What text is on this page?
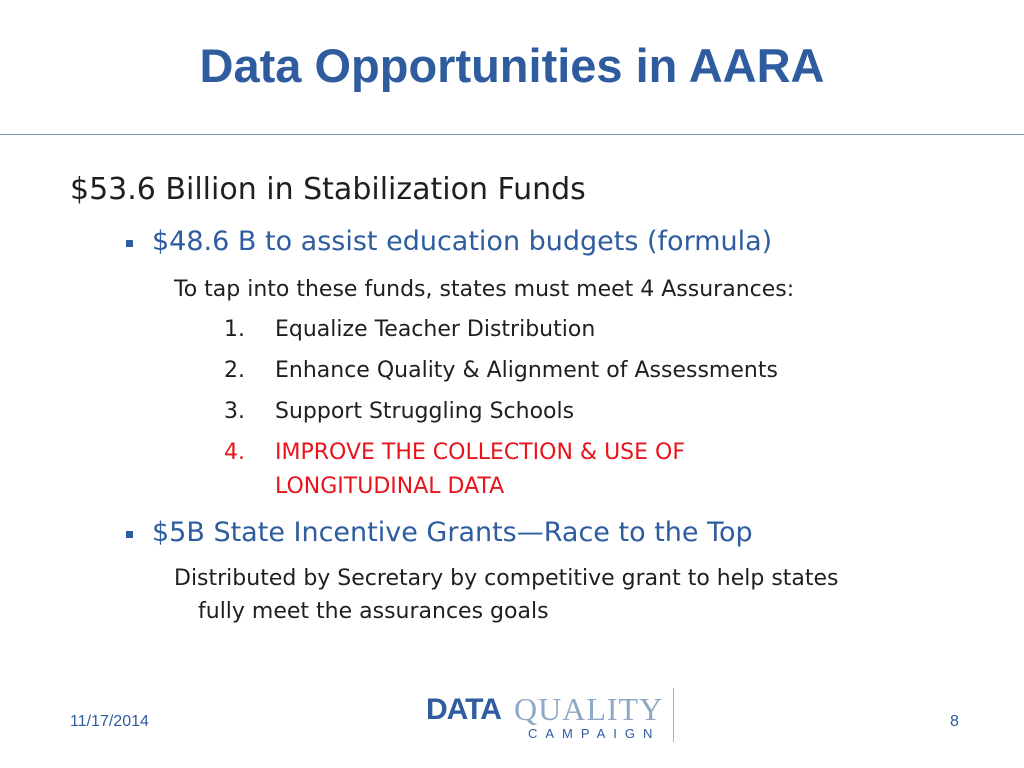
Data Opportunities in AARA
$53.6 Billion in Stabilization Funds
$48.6 B to assist education budgets (formula)
To tap into these funds, states must meet 4 Assurances:
1. Equalize Teacher Distribution
2. Enhance Quality & Alignment of Assessments
3. Support Struggling Schools
4. IMPROVE THE COLLECTION & USE OF
LONGITUDINAL DATA
$5B State Incentive Grants—Race to the Top
Distributed by Secretary by competitive grant to help states
fully meet the assurances goals
11/17/2014	8
DATA QUALITY
CAMPAIGN
